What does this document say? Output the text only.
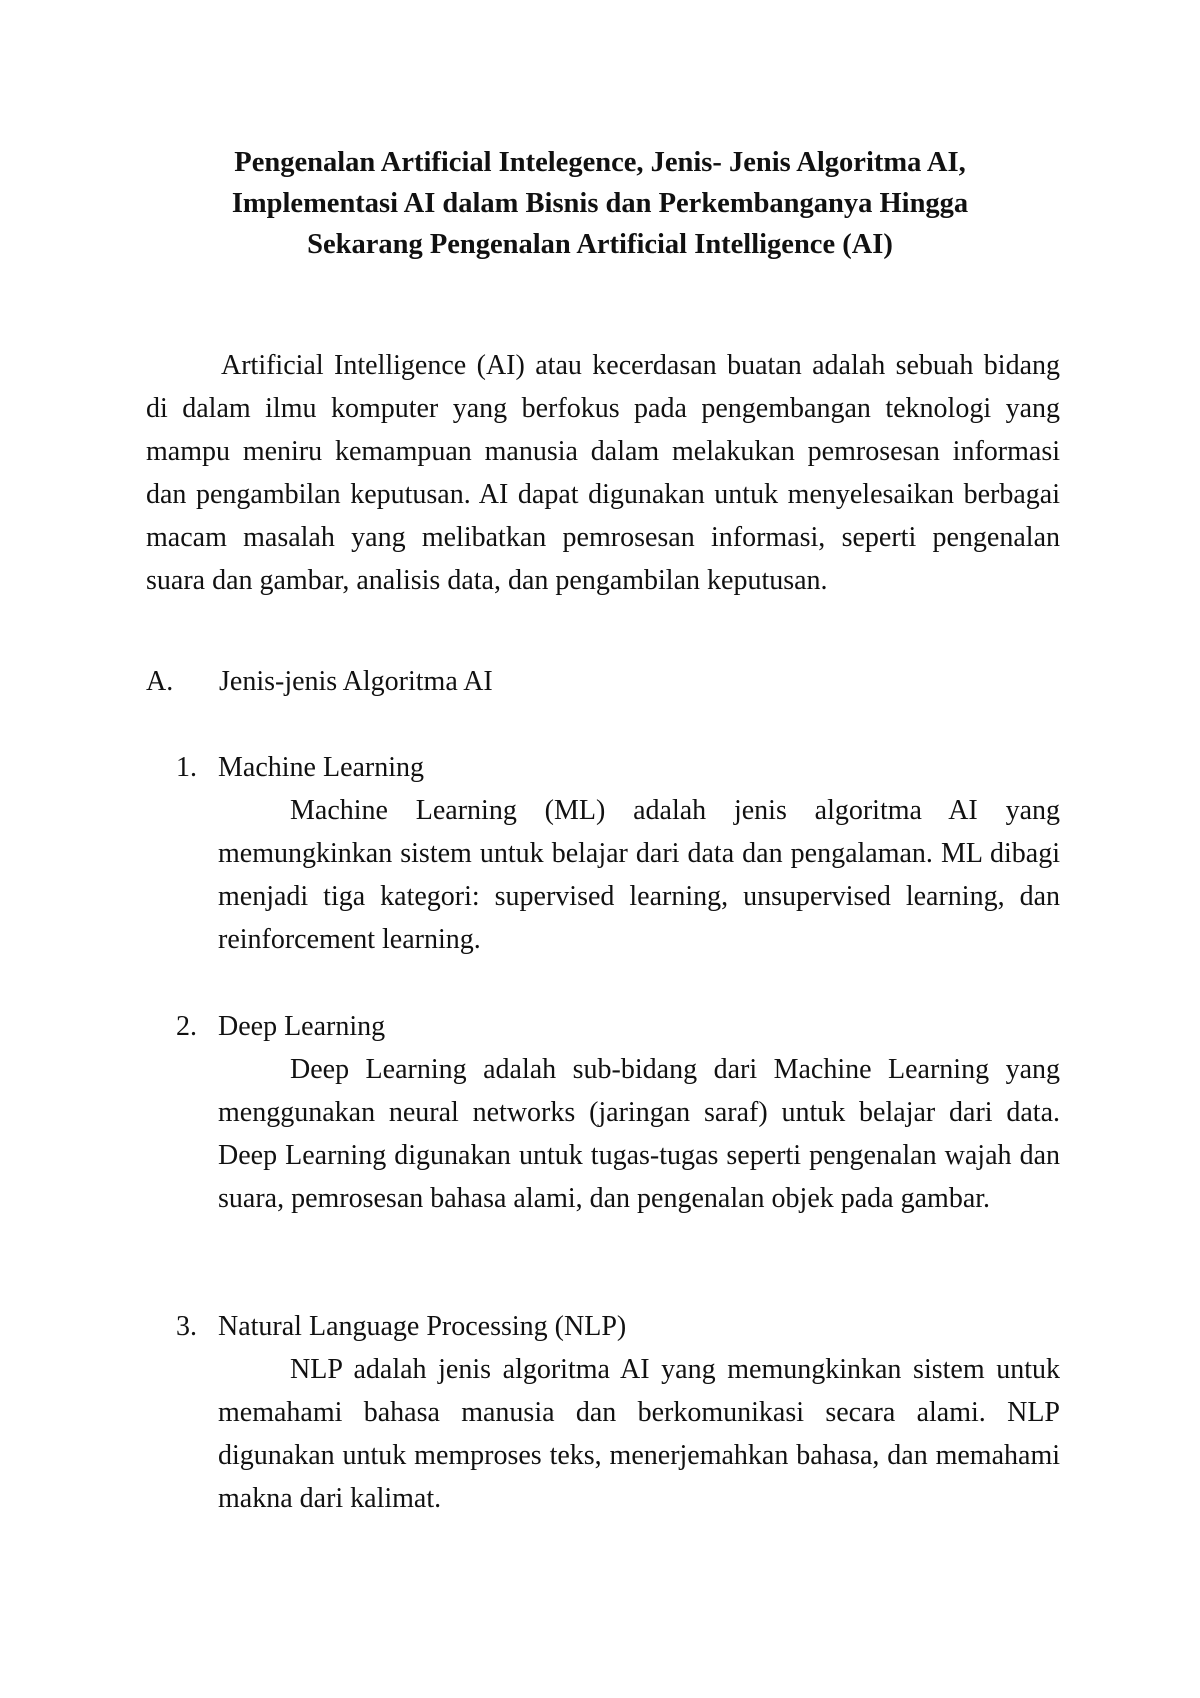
Pengenalan Artificial Intelegence, Jenis- Jenis Algoritma AI,
Implementasi AI dalam Bisnis dan Perkembanganya Hingga
Sekarang Pengenalan Artificial Intelligence (AI)

Artificial Intelligence (AI) atau kecerdasan buatan adalah sebuah bidang di dalam ilmu komputer yang berfokus pada pengembangan teknologi yang mampu meniru kemampuan manusia dalam melakukan pemrosesan informasi dan pengambilan keputusan. AI dapat digunakan untuk menyelesaikan berbagai macam masalah yang melibatkan pemrosesan informasi, seperti pengenalan suara dan gambar, analisis data, dan pengambilan keputusan.

A. Jenis-jenis Algoritma AI
1. Machine Learning
Machine Learning (ML) adalah jenis algoritma AI yang memungkinkan sistem untuk belajar dari data dan pengalaman. ML dibagi menjadi tiga kategori: supervised learning, unsupervised learning, dan reinforcement learning.
2. Deep Learning
Deep Learning adalah sub-bidang dari Machine Learning yang menggunakan neural networks (jaringan saraf) untuk belajar dari data. Deep Learning digunakan untuk tugas-tugas seperti pengenalan wajah dan suara, pemrosesan bahasa alami, dan pengenalan objek pada gambar.
3. Natural Language Processing (NLP)
NLP adalah jenis algoritma AI yang memungkinkan sistem untuk memahami bahasa manusia dan berkomunikasi secara alami. NLP digunakan untuk memproses teks, menerjemahkan bahasa, dan memahami makna dari kalimat.
